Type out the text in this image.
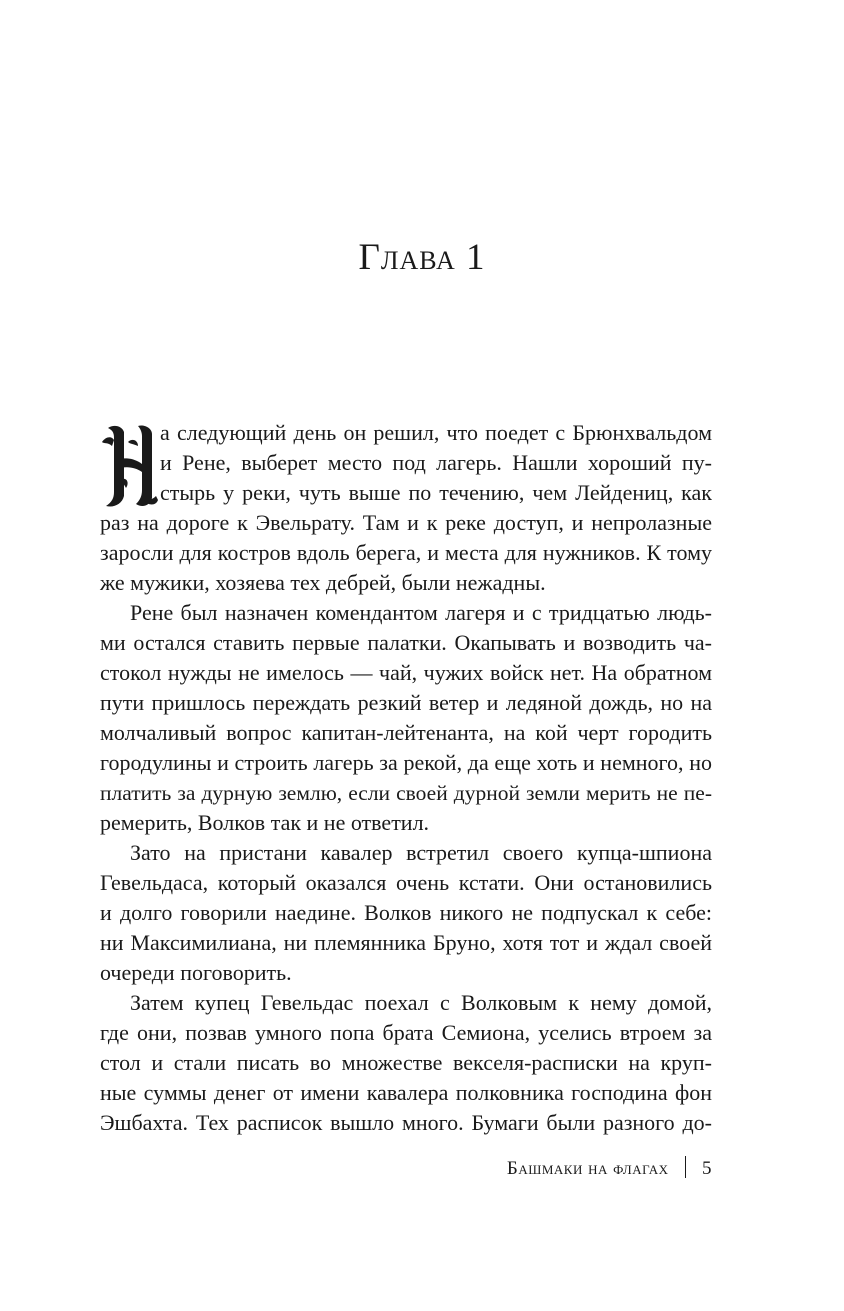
Глава 1
а следующий день он решил, что поедет с Брюнхвальдом
и Рене, выберет место под лагерь. Нашли хороший пу-
стырь у реки, чуть выше по течению, чем Лейдениц, как
раз на дороге к Эвельрату. Там и к реке доступ, и непролазные
заросли для костров вдоль берега, и места для нужников. К тому
же мужики, хозяева тех дебрей, были нежадны.
Рене был назначен комендантом лагеря и с тридцатью людь-
ми остался ставить первые палатки. Окапывать и возводить ча-
стокол нужды не имелось — чай, чужих войск нет. На обратном
пути пришлось переждать резкий ветер и ледяной дождь, но на
молчаливый вопрос капитан-лейтенанта, на кой черт городить
городулины и строить лагерь за рекой, да еще хоть и немного, но
платить за дурную землю, если своей дурной земли мерить не пе-
ремерить, Волков так и не ответил.
Зато на пристани кавалер встретил своего купца-шпиона
Гевельдаса, который оказался очень кстати. Они остановились
и долго говорили наедине. Волков никого не подпускал к себе:
ни Максимилиана, ни племянника Бруно, хотя тот и ждал своей
очереди поговорить.
Затем купец Гевельдас поехал с Волковым к нему домой,
где они, позвав умного попа брата Семиона, уселись втроем за
стол и стали писать во множестве векселя-расписки на круп-
ные суммы денег от имени кавалера полковника господина фон
Эшбахта. Тех расписок вышло много. Бумаги были разного до-
Башмаки на флагах 5
